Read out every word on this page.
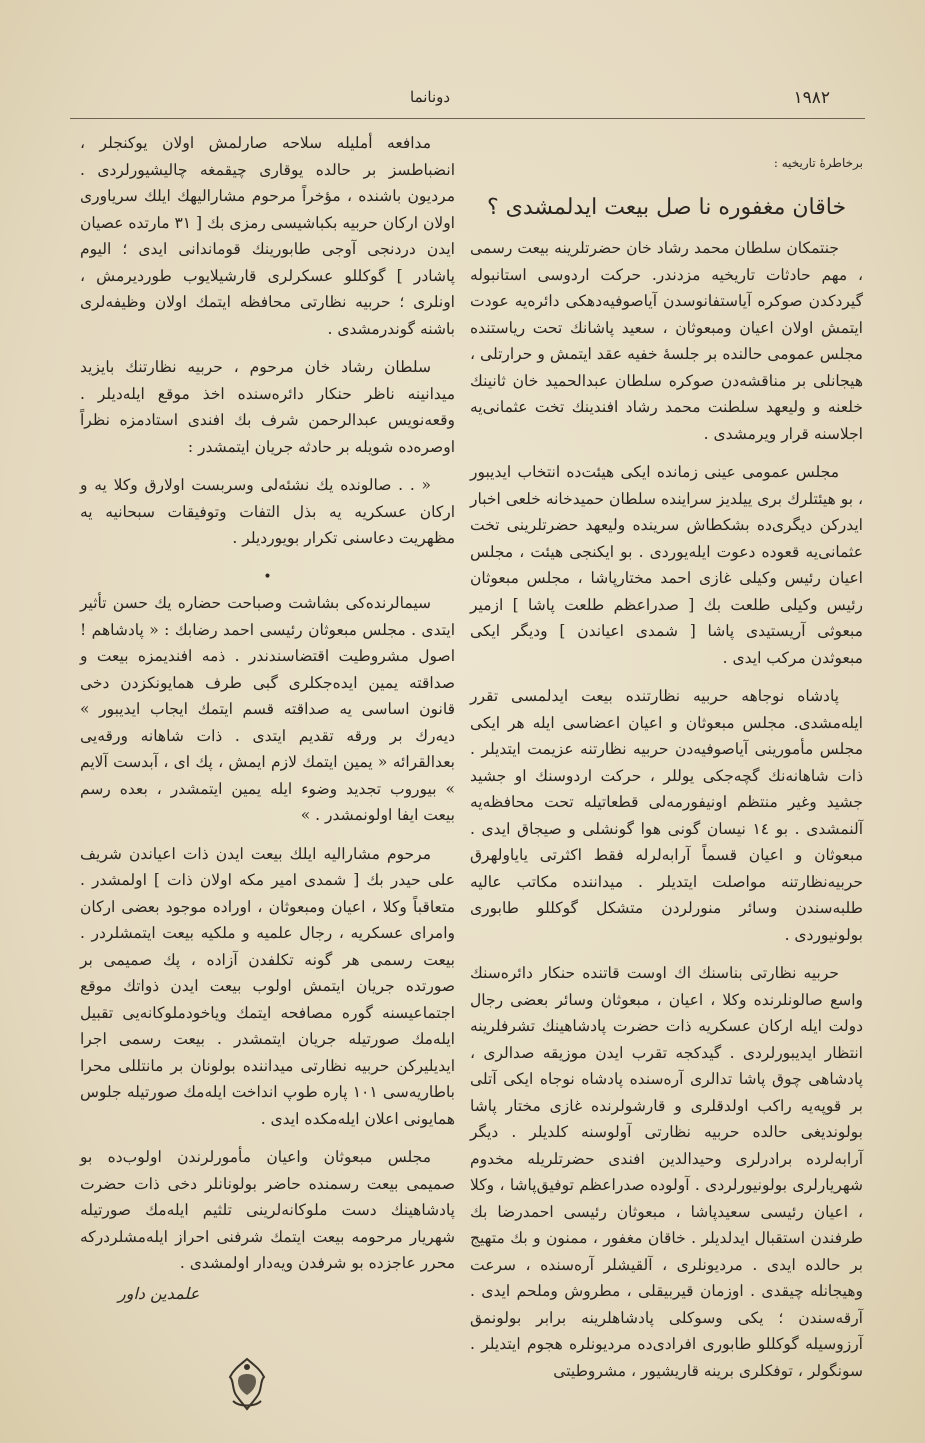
١٩٨٢
دونانما
برخاطرهٔ تاریخیه :
خاقان مغفوره نا صل بیعت ایدلمشدی ؟

جنتمکان سلطان محمد رشاد خان حضرتلرینه بیعت رسمی ، مهم حادثات تاریخیه مزدندر. حرکت اردوسی استانبوله گیردکدن صوکره آیاستفانوسدن آیاصوفیه‌دهکی دائره‌یه عودت ایتمش اولان اعیان ومبعوثان ، سعید پاشانك تحت ریاستنده مجلس عمومی حالنده بر جلسهٔ خفیه عقد ایتمش و حرارتلی ، هیجانلی بر مناقشه‌دن صوکره سلطان عبدالحمید خان ثانینك خلعنه و ولیعهد سلطنت محمد رشاد افندینك تخت عثمانی‌یه اجلاسنه قرار ویرمشدی .

مجلس عمومی عینی زمانده ایکی هیئت‌ده انتخاب ایدیبور ، بو هیئتلرك بری ییلدیز سراینده سلطان حمیدخانه خلعی اخبار ایدرکن دیگری‌ده بشکطاش سرینده ولیعهد حضرتلرینی تخت عثمانی‌یه قعوده دعوت ایله‌یوردی . بو ایکنجی هیئت ، مجلس اعیان رئیس وکیلی غازی احمد مختارپاشا ، مجلس مبعوثان رئیس وکیلی طلعت بك [ صدراعظم طلعت پاشا ] ازمیر مبعوثی آریستیدی پاشا [ شمدی اعیاندن ] ودیگر ایکی مبعوثدن مرکب ایدی .

پادشاه نوجاهه حربیه نظارتنده بیعت ایدلمسی تقرر ایله‌مشدی. مجلس مبعوثان و اعیان اعضاسی ایله هر ایکی مجلس مأمورینی آیاصوفیه‌دن حربیه نظارتنه عزیمت ایتدیلر . ذات شاهانه‌نك گچه‌جکی یوللر ، حرکت اردوسنك او جشید جشید وغیر منتظم اونیفورمه‌لی قطعاتیله تحت محافظه‌یه آلنمشدی . بو ١٤ نیسان گونی هوا گونشلی و صیجاق ایدی . مبعوثان و اعیان قسماً آرابه‌لرله فقط اکثرتی یایاولهرق حربیه‌نظارتنه مواصلت ایتدیلر . میداننده مکاتب عالیه طلبه‌سندن وسائر منورلردن متشکل گوکللو طابوری بولونیوردی .

حربیه نظارتی بناسنك اك اوست قاتنده حنکار دائره‌سنك واسع صالونلرنده وکلا ، اعیان ، مبعوثان وسائر بعضی رجال دولت ایله ارکان عسکریه ذات حضرت پادشاهینك تشرفلرینه انتظار ایدیبورلردی . گیدکجه تقرب ایدن موزیقه صدالری ، پادشاهی چوق پاشا تدالری آره‌سنده پادشاه نوجاه ایکی آتلی بر قوپه‌یه راکب اولدقلری و قارشولرنده غازی مختار پاشا بولوندیغی حالده حربیه نظارتی آولوسنه کلدیلر . دیگر آرابه‌لرده برادرلری وحیدالدین افندی حضرتلریله مخدوم شهریارلری بولونیورلردی . آولوده صدراعظم توفیق‌پاشا ، وکلا ، اعیان رئیسی سعیدپاشا ، مبعوثان رئیسی احمدرضا بك طرفندن استقبال ایدلدیلر . خاقان مغفور ، ممنون و بك متهیج بر حالده ایدی . مردیونلری ، آلقیشلر آره‌سنده ، سرعت وهیجانله چیقدی . اوزمان قیربیقلی ، مطروش وملحم ایدی . آرقه‌سندن ؛ یکی وسوکلی پادشاهلرینه برابر بولونمق آرزوسیله گوکللو طابوری افرادی‌ده مردیونلره هجوم ایتدیلر . سونگولر ، توفکلری برینه قاریشیور ، مشروطیتی

مدافعه أملیله سلاحه صارلمش اولان یوکنجلر ، انضباطسز بر حالده یوقاری چیقمغه چالیشیورلردی . مردیون باشنده ، مؤخراً مرحوم مشارالیهك ایلك سرياوری اولان ارکان حربیه بکباشیسی رمزی بك [ ٣١ مارتده عصیان ایدن دردنجی آوجی طابورینك قوماندانی ایدی ؛ الیوم پاشادر ] گوکللو عسکرلری قارشیلایوب طوردیرمش ، اونلری ؛ حربیه نظارتی محافظه ایتمك اولان وظیفه‌لری باشنه گوندرمشدی .

سلطان رشاد خان مرحوم ، حربیه نظارتنك بایزید میدانینه ناظر حنکار دائره‌سنده اخذ موقع ایله‌دیلر . وقعه‌نویس عبدالرحمن شرف بك افندی استادمزه نظراً اوصره‌ده شویله بر حادثه جریان ایتمشدر :

« . . صالونده یك نشئه‌لی وسربست اولارق وکلا یه و ارکان عسکریه یه بذل التفات وتوفیقات سبحانیه یه مظهریت دعاسنی تکرار بویوردیلر .

•

سیمالرنده‌کی بشاشت وصباحت حضاره یك حسن تأثیر ایتدی . مجلس مبعوثان رئیسی احمد رضابك : « پادشاهم ! اصول مشروطیت اقتضاسندندر . ذمه افندیمزه بیعت و صداقته یمین ایده‌جکلری گبی طرف همایونکزدن دخی قانون اساسی یه صداقته قسم ایتمك ایجاب ایدیبور » دیه‌رك بر ورقه تقدیم ایتدی . ذات شاهانه ورقه‌یی بعدالقرائه « یمین ایتمك لازم ایمش ، پك ای ، آبدست آلایم » بیوروب تجدید وضوء ایله یمین ایتمشدر ، بعده رسم بیعت ایفا اولونمشدر . »

مرحوم مشارالیه ایلك بیعت ایدن ذات اعیاندن شریف علی حیدر بك [ شمدی امیر مکه اولان ذات ] اولمشدر . متعاقباً وکلا ، اعیان ومبعوثان ، اوراده موجود بعضی ارکان وامرای عسکریه ، رجال علمیه و ملکیه بیعت ایتمشلردر . بیعت رسمی هر گونه تکلفدن آزاده ، پك صمیمی بر صورتده جریان ایتمش اولوب بیعت ایدن ذواتك موقع اجتماعیسنه گوره مصافحه ایتمك ویاخودملوکانه‌یی تقبیل ایله‌مك صورتیله جریان ایتمشدر . بیعت رسمی اجرا ایدیلیرکن حربیه نظارتی میداننده بولونان بر مانتللی محرا باطاریه‌سی ١٠١ پاره طوپ انداخت ایله‌مك صورتیله جلوس همایونی اعلان ایله‌مکده ایدی .

مجلس مبعوثان واعیان مأمورلرندن اولوب‌ده بو صمیمی بیعت رسمنده حاضر بولونانلر دخی ذات حضرت پادشاهینك دست ملوکانه‌لرینی تلثیم ایله‌مك صورتیله شهریار مرحومه بیعت ایتمك شرفنی احراز ایله‌مشلردرکه محرر عاجزده بو شرفدن ویه‌دار اولمشدی .

علمدین داور
